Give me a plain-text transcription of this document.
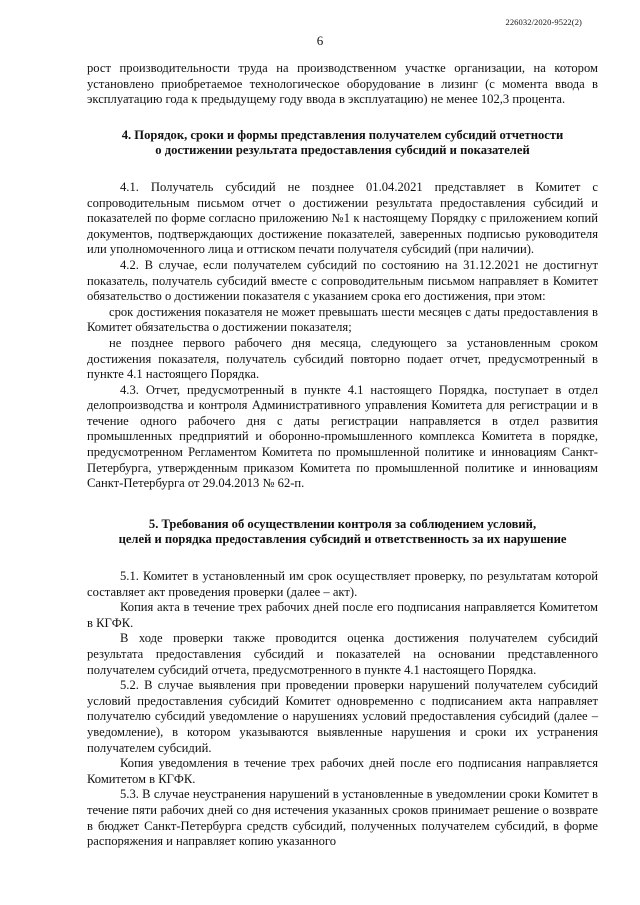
226032/2020-9522(2)
6

рост производительности труда на производственном участке организации, на котором установлено приобретаемое технологическое оборудование в лизинг (с момента ввода в эксплуатацию года к предыдущему году ввода в эксплуатацию) не менее 102,3 процента.

4. Порядок, сроки и формы представления получателем субсидий отчетности
о достижении результата предоставления субсидий и показателей

4.1. Получатель субсидий не позднее 01.04.2021 представляет в Комитет с сопроводительным письмом отчет о достижении результата предоставления субсидий и показателей по форме согласно приложению №1 к настоящему Порядку с приложением копий документов, подтверждающих достижение показателей, заверенных подписью руководителя или уполномоченного лица и оттиском печати получателя субсидий (при наличии).

4.2. В случае, если получателем субсидий по состоянию на 31.12.2021 не достигнут показатель, получатель субсидий вместе с сопроводительным письмом направляет в Комитет обязательство о достижении показателя с указанием срока его достижения, при этом:

срок достижения показателя не может превышать шести месяцев с даты предоставления в Комитет обязательства о достижении показателя;

не позднее первого рабочего дня месяца, следующего за установленным сроком достижения показателя, получатель субсидий повторно подает отчет, предусмотренный в пункте 4.1 настоящего Порядка.

4.3. Отчет, предусмотренный в пункте 4.1 настоящего Порядка, поступает в отдел делопроизводства и контроля Административного управления Комитета для регистрации и в течение одного рабочего дня с даты регистрации направляется в отдел развития промышленных предприятий и оборонно-промышленного комплекса Комитета в порядке, предусмотренном Регламентом Комитета по промышленной политике и инновациям Санкт-Петербурга, утвержденным приказом Комитета по промышленной политике и инновациям Санкт-Петербурга от 29.04.2013 № 62-п.

5. Требования об осуществлении контроля за соблюдением условий,
целей и порядка предоставления субсидий и ответственность за их нарушение

5.1. Комитет в установленный им срок осуществляет проверку, по результатам которой составляет акт проведения проверки (далее – акт).

Копия акта в течение трех рабочих дней после его подписания направляется Комитетом в КГФК.

В ходе проверки также проводится оценка достижения получателем субсидий результата предоставления субсидий и показателей на основании представленного получателем субсидий отчета, предусмотренного в пункте 4.1 настоящего Порядка.

5.2. В случае выявления при проведении проверки нарушений получателем субсидий условий предоставления субсидий Комитет одновременно с подписанием акта направляет получателю субсидий уведомление о нарушениях условий предоставления субсидий (далее – уведомление), в котором указываются выявленные нарушения и сроки их устранения получателем субсидий.

Копия уведомления в течение трех рабочих дней после его подписания направляется Комитетом в КГФК.

5.3. В случае неустранения нарушений в установленные в уведомлении сроки Комитет в течение пяти рабочих дней со дня истечения указанных сроков принимает решение о возврате в бюджет Санкт-Петербурга средств субсидий, полученных получателем субсидий, в форме распоряжения и направляет копию указанного
